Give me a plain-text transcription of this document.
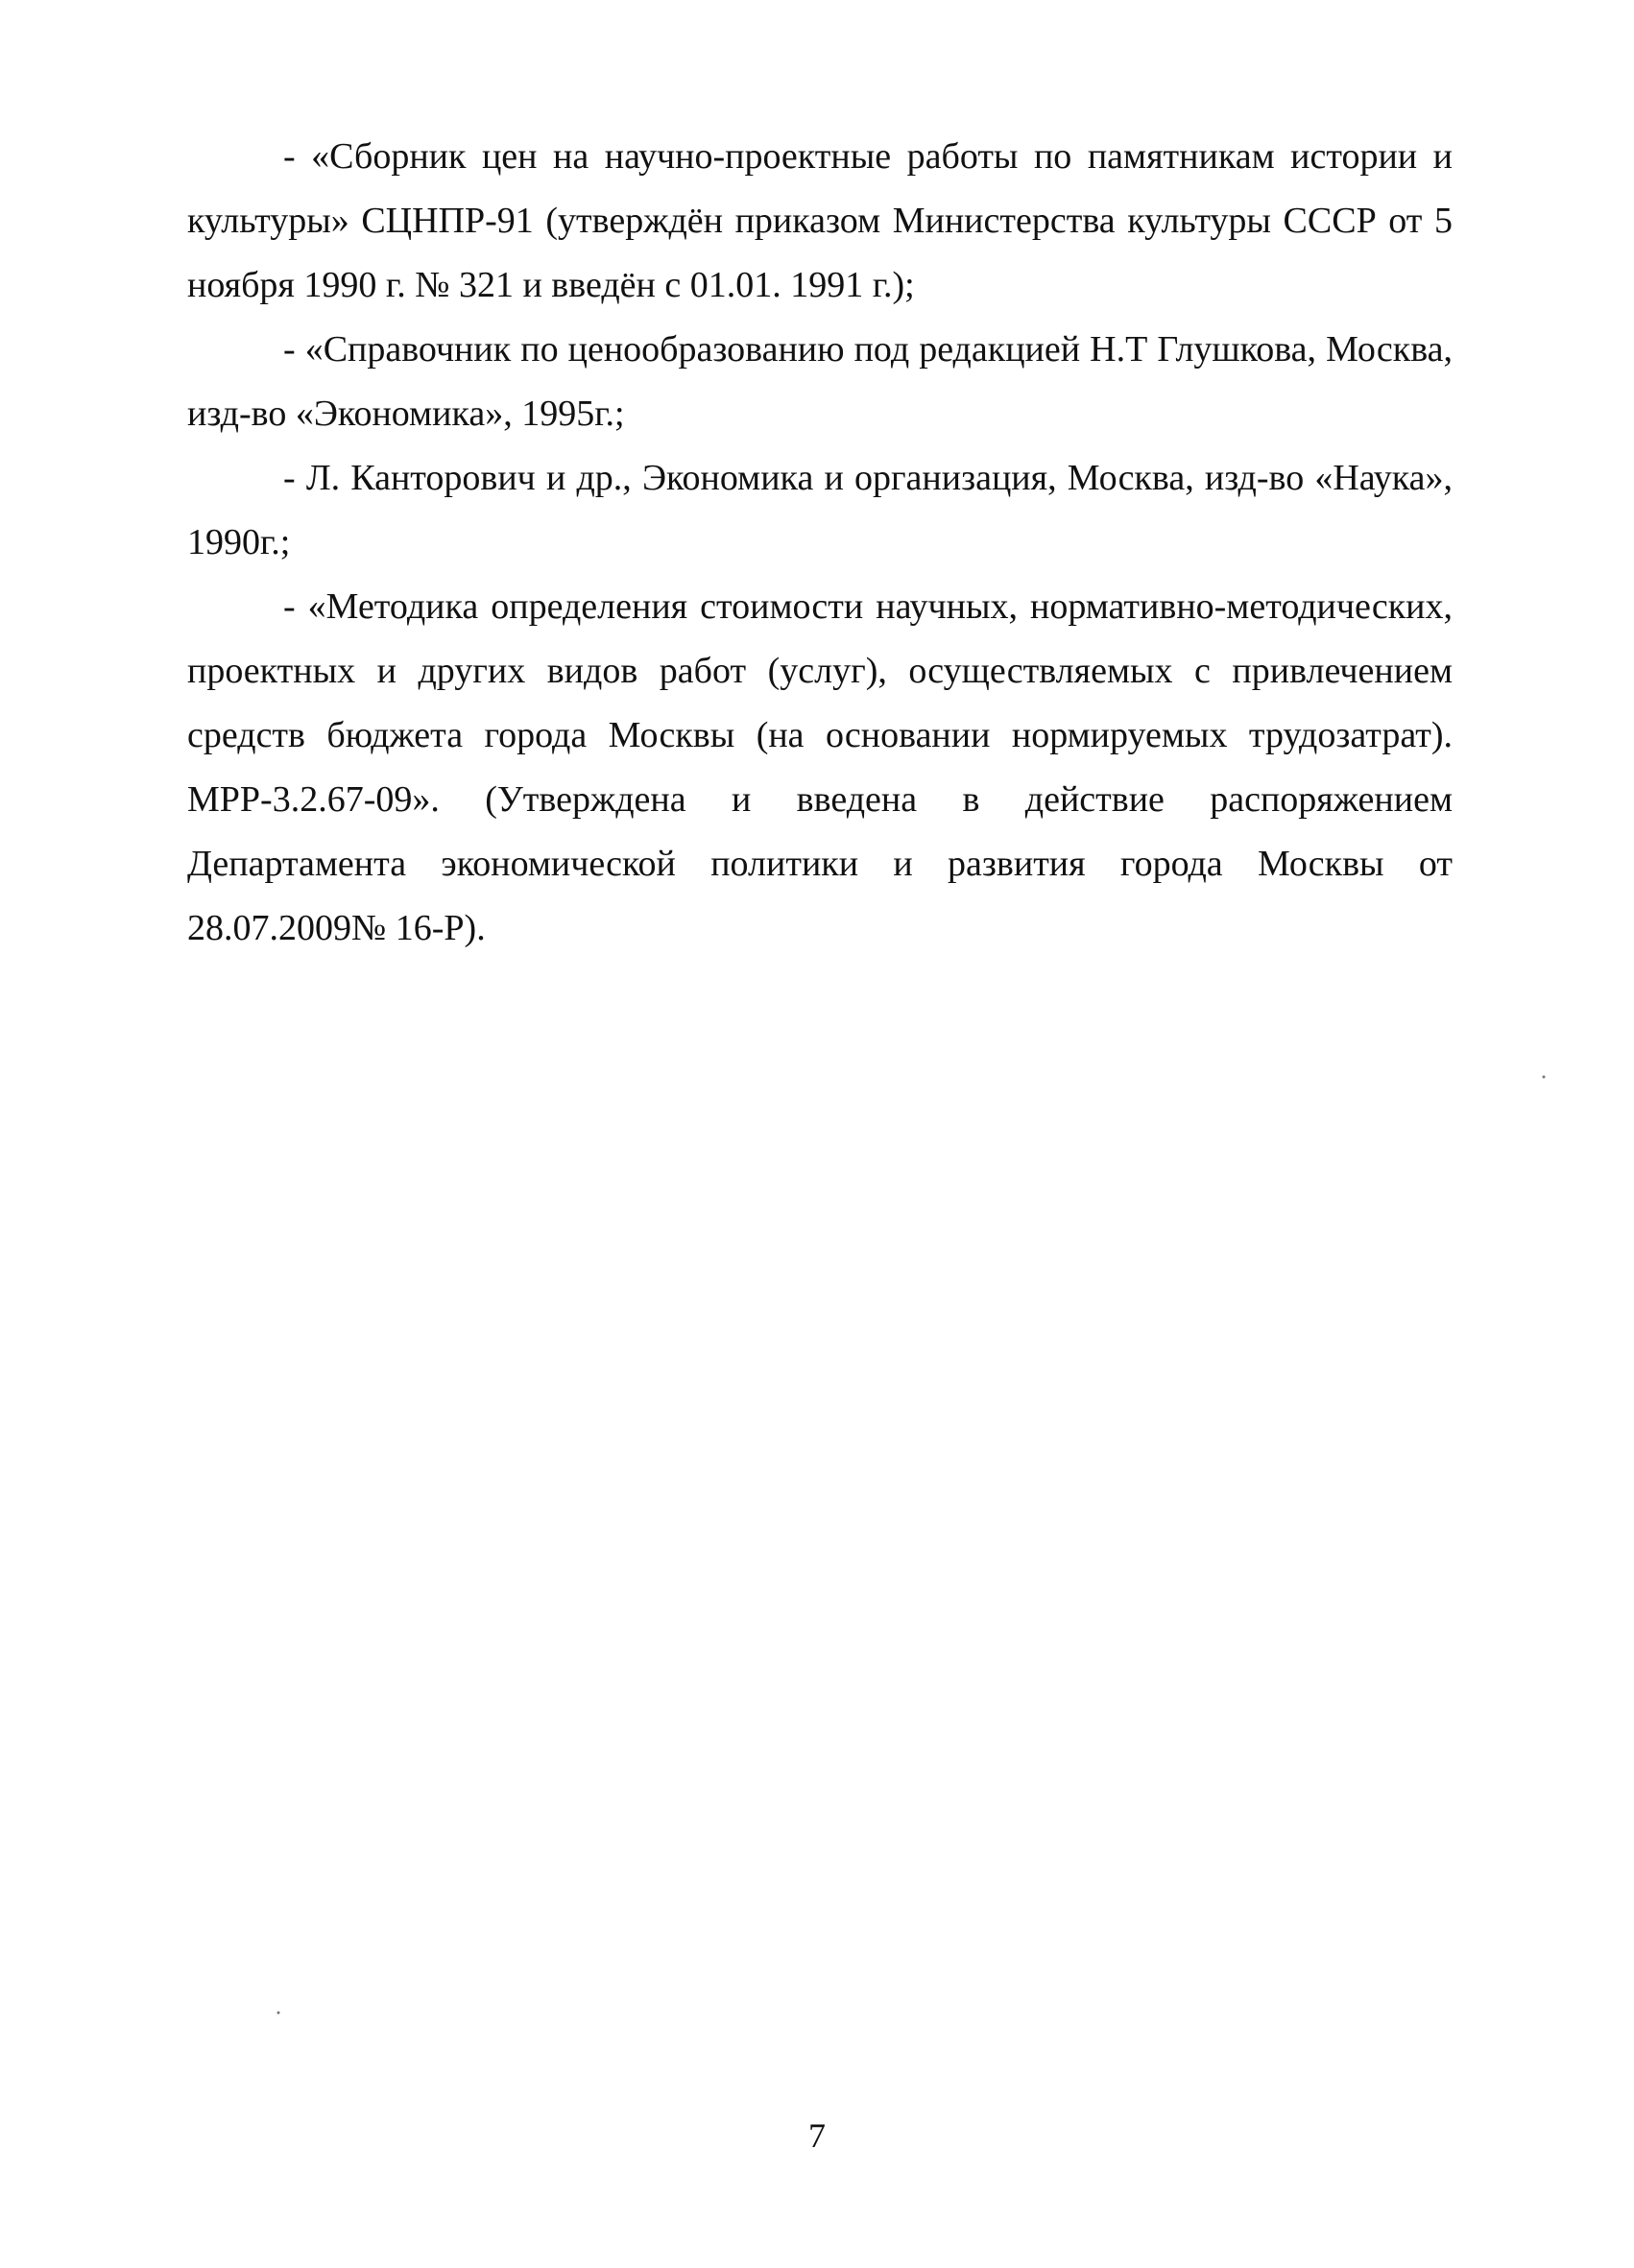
- «Сборник цен на научно-проектные работы по памятникам истории и культуры» СЦНПР-91 (утверждён приказом Министерства культуры СССР от 5 ноября 1990 г. № 321 и введён с 01.01. 1991 г.);

- «Справочник по ценообразованию под редакцией Н.Т Глушкова, Москва, изд-во «Экономика», 1995г.;

- Л. Канторович и др., Экономика и организация, Москва, изд-во «Наука», 1990г.;

- «Методика определения стоимости научных, нормативно-методических, проектных и других видов работ (услуг), осуществляемых с привлечением средств бюджета города Москвы (на основании нормируемых трудозатрат). МРР-3.2.67-09». (Утверждена и введена в действие распоряжением Департамента экономической политики и развития города Москвы от 28.07.2009№ 16-Р).

7
